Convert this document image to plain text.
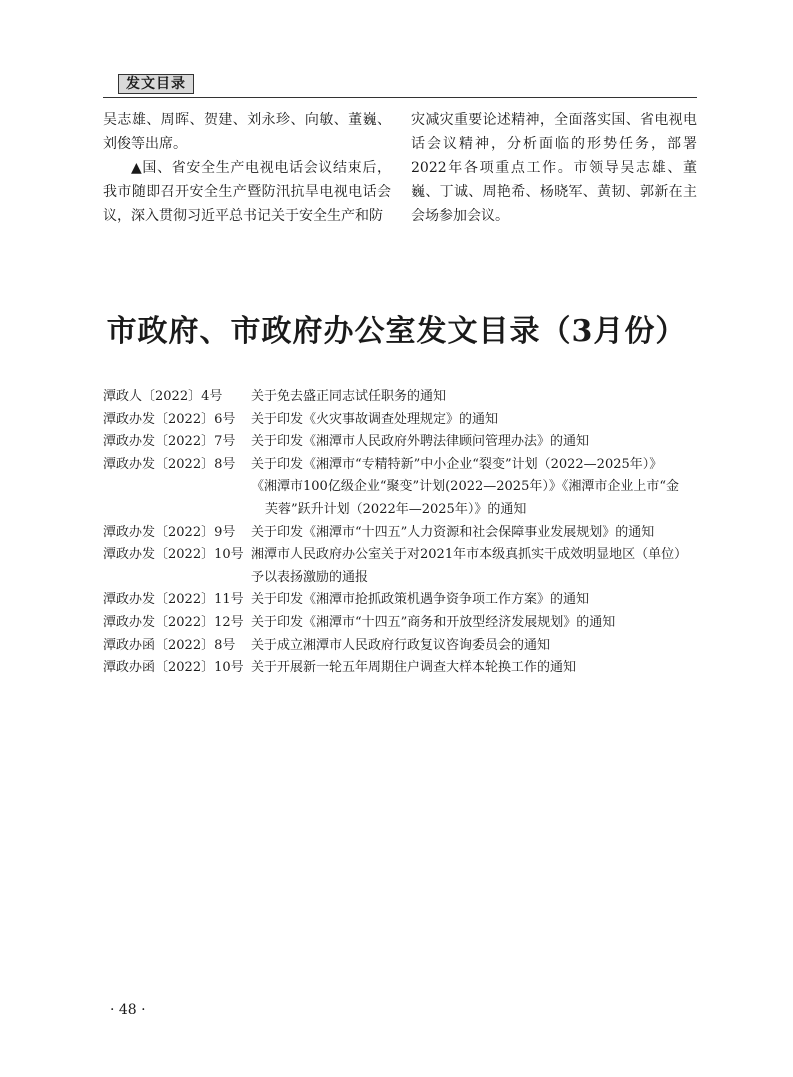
发文目录

吴志雄、周晖、贺建、刘永珍、向敏、董巍、刘俊等出席。

▲国、省安全生产电视电话会议结束后，我市随即召开安全生产暨防汛抗旱电视电话会议，深入贯彻习近平总书记关于安全生产和防

灾减灾重要论述精神，全面落实国、省电视电话会议精神，分析面临的形势任务，部署2022年各项重点工作。市领导吴志雄、董巍、丁诚、周艳希、杨晓军、黄韧、郭新在主会场参加会议。

市政府、市政府办公室发文目录（3月份）
潭政人〔2022〕4号	关于免去盛正同志试任职务的通知
潭政办发〔2022〕6号	关于印发《火灾事故调查处理规定》的通知
潭政办发〔2022〕7号	关于印发《湘潭市人民政府外聘法律顾问管理办法》的通知
潭政办发〔2022〕8号	关于印发《湘潭市“专精特新”中小企业“裂变”计划（2022—2025年）》
《湘潭市100亿级企业“聚变”计划(2022—2025年）》《湘潭市企业上市“金
芙蓉”跃升计划（2022年—2025年）》的通知
潭政办发〔2022〕9号	关于印发《湘潭市“十四五”人力资源和社会保障事业发展规划》的通知
潭政办发〔2022〕10号 湘潭市人民政府办公室关于对2021年市本级真抓实干成效明显地区（单位）
予以表扬激励的通报
潭政办发〔2022〕11号 关于印发《湘潭市抢抓政策机遇争资争项工作方案》的通知
潭政办发〔2022〕12号 关于印发《湘潭市“十四五”商务和开放型经济发展规划》的通知
潭政办函〔2022〕8号	关于成立湘潭市人民政府行政复议咨询委员会的通知
潭政办函〔2022〕10号 关于开展新一轮五年周期住户调查大样本轮换工作的通知
· 48 ·
